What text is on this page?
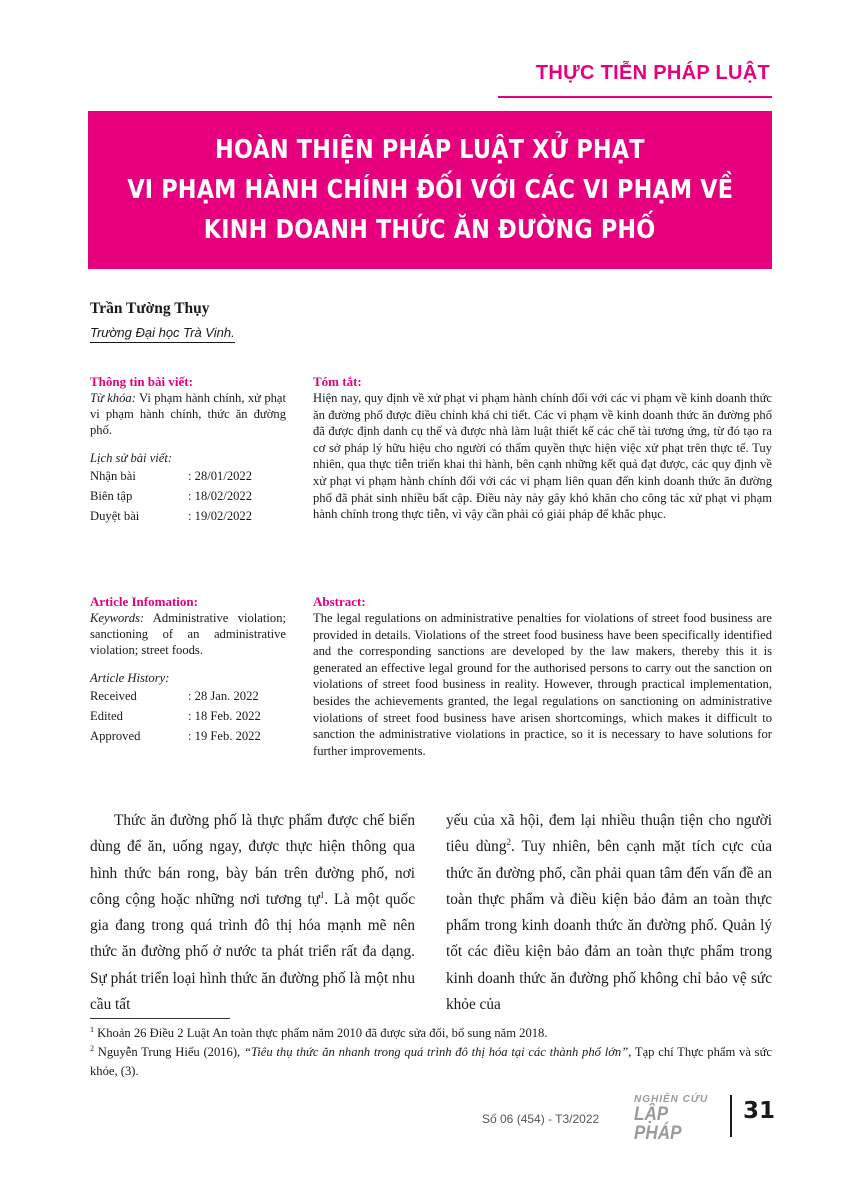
THỰC TIỄN PHÁP LUẬT
HOÀN THIỆN PHÁP LUẬT XỬ PHẠT
VI PHẠM HÀNH CHÍNH ĐỐI VỚI CÁC VI PHẠM VỀ
KINH DOANH THỨC ĂN ĐƯỜNG PHỐ
Trần Tường Thụy
Trường Đại học Trà Vinh.
Thông tin bài viết:
Từ khóa: Vi phạm hành chính, xử phạt vi phạm hành chính, thức ăn đường phố.
Lịch sử bài viết:
Nhận bài	: 28/01/2022
Biên tập	: 18/02/2022
Duyệt bài	: 19/02/2022
Tóm tắt:
Hiện nay, quy định về xử phạt vi phạm hành chính đối với các vi phạm về kinh doanh thức ăn đường phố được điều chỉnh khá chi tiết. Các vi phạm về kinh doanh thức ăn đường phố đã được định danh cụ thể và được nhà làm luật thiết kế các chế tài tương ứng, từ đó tạo ra cơ sở pháp lý hữu hiệu cho người có thẩm quyền thực hiện việc xử phạt trên thực tế. Tuy nhiên, qua thực tiễn triển khai thi hành, bên cạnh những kết quả đạt được, các quy định về xử phạt vi phạm hành chính đối với các vi phạm liên quan đến kinh doanh thức ăn đường phố đã phát sinh nhiều bất cập. Điều này này gây khó khăn cho công tác xử phạt vi phạm hành chính trong thực tiễn, vì vậy cần phải có giải pháp để khắc phục.
Article Infomation:
Keywords: Administrative violation; sanctioning of an administrative violation; street foods.
Article History:
Received	: 28 Jan. 2022
Edited	: 18 Feb. 2022
Approved	: 19 Feb. 2022
Abstract:
The legal regulations on administrative penalties for violations of street food business are provided in details. Violations of the street food business have been specifically identified and the corresponding sanctions are developed by the law makers, thereby this it is generated an effective legal ground for the authorised persons to carry out the sanction on violations of street food business in reality. However, through practical implementation, besides the achievements granted, the legal regulations on sanctioning on administrative violations of street food business have arisen shortcomings, which makes it difficult to sanction the administrative violations in practice, so it is necessary to have solutions for further improvements.
Thức ăn đường phố là thực phẩm được chế biến dùng để ăn, uống ngay, được thực hiện thông qua hình thức bán rong, bày bán trên đường phố, nơi công cộng hoặc những nơi tương tự$^1$. Là một quốc gia đang trong quá trình đô thị hóa mạnh mẽ nên thức ăn đường phố ở nước ta phát triển rất đa dạng. Sự phát triển loại hình thức ăn đường phố là một nhu cầu tất
yếu của xã hội, đem lại nhiều thuận tiện cho người tiêu dùng$^2$. Tuy nhiên, bên cạnh mặt tích cực của thức ăn đường phố, cần phải quan tâm đến vấn đề an toàn thực phẩm và điều kiện bảo đảm an toàn thực phẩm trong kinh doanh thức ăn đường phố. Quản lý tốt các điều kiện bảo đảm an toàn thực phẩm trong kinh doanh thức ăn đường phố không chỉ bảo vệ sức khỏe của
$^1$ Khoản 26 Điều 2 Luật An toàn thực phẩm năm 2010 đã được sửa đổi, bổ sung năm 2018.
$^2$ Nguyễn Trung Hiếu (2016), “Tiêu thụ thức ăn nhanh trong quá trình đô thị hóa tại các thành phố lớn”, Tạp chí Thực phẩm và sức khỏe, (3).
Số 06 (454) - T3/2022
NGHIÊN CỨU
LẬP PHÁP
31
